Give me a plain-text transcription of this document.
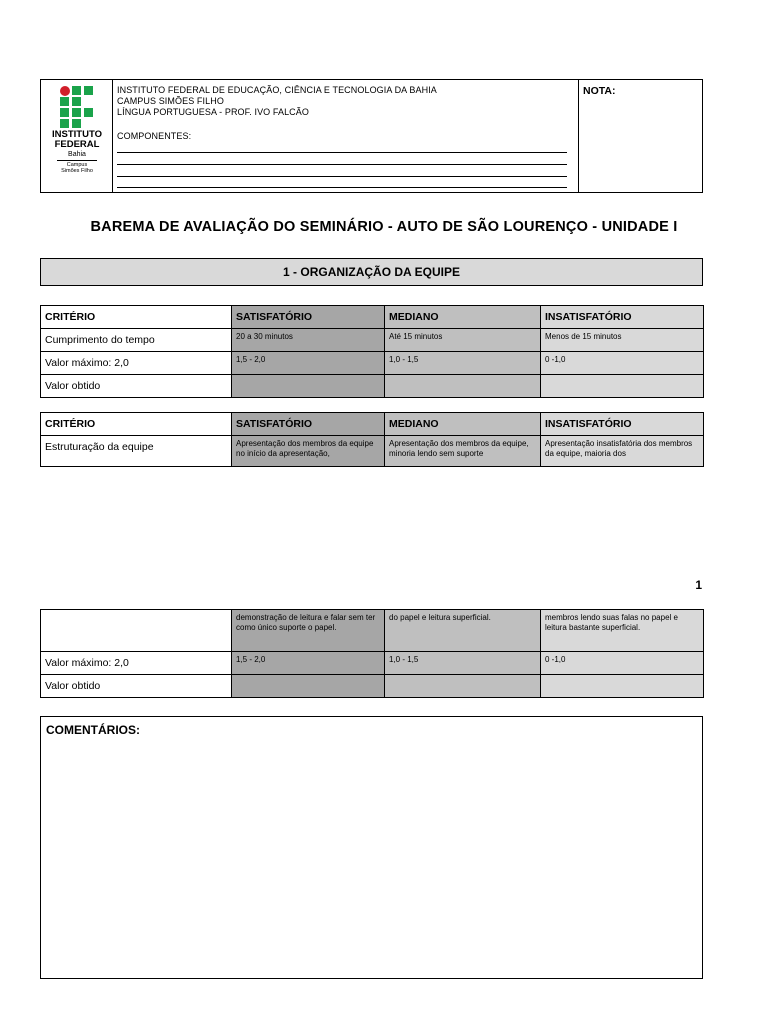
INSTITUTO
FEDERAL
Bahia
Campus
Simões Filho
INSTITUTO FEDERAL DE EDUCAÇÃO, CIÊNCIA E TECNOLOGIA DA BAHIA
CAMPUS SIMÕES FILHO
LÍNGUA PORTUGUESA - PROF. IVO FALCÃO
COMPONENTES:
NOTA:
BAREMA DE AVALIAÇÃO DO SEMINÁRIO - AUTO DE SÃO LOURENÇO - UNIDADE I
1 - ORGANIZAÇÃO DA EQUIPE
CRITÉRIO	SATISFATÓRIO	MEDIANO	INSATISFATÓRIO
Cumprimento do tempo	20 a 30 minutos	Até 15 minutos	Menos de 15 minutos
Valor máximo: 2,0	1,5 - 2,0	1,0 - 1,5	0 -1,0
Valor obtido			
CRITÉRIO	SATISFATÓRIO	MEDIANO	INSATISFATÓRIO
Estruturação da equipe	Apresentação dos membros da equipe no início da apresentação,	Apresentação dos membros da equipe, minoria lendo sem suporte	Apresentação insatisfatória dos membros da equipe, maioria dos
1
	demonstração de leitura e falar sem ter como único suporte o papel.	do papel e leitura superficial.	membros lendo suas falas no papel e leitura bastante superficial.
Valor máximo: 2,0	1,5 - 2,0	1,0 - 1,5	0 -1,0
Valor obtido			
COMENTÁRIOS:
